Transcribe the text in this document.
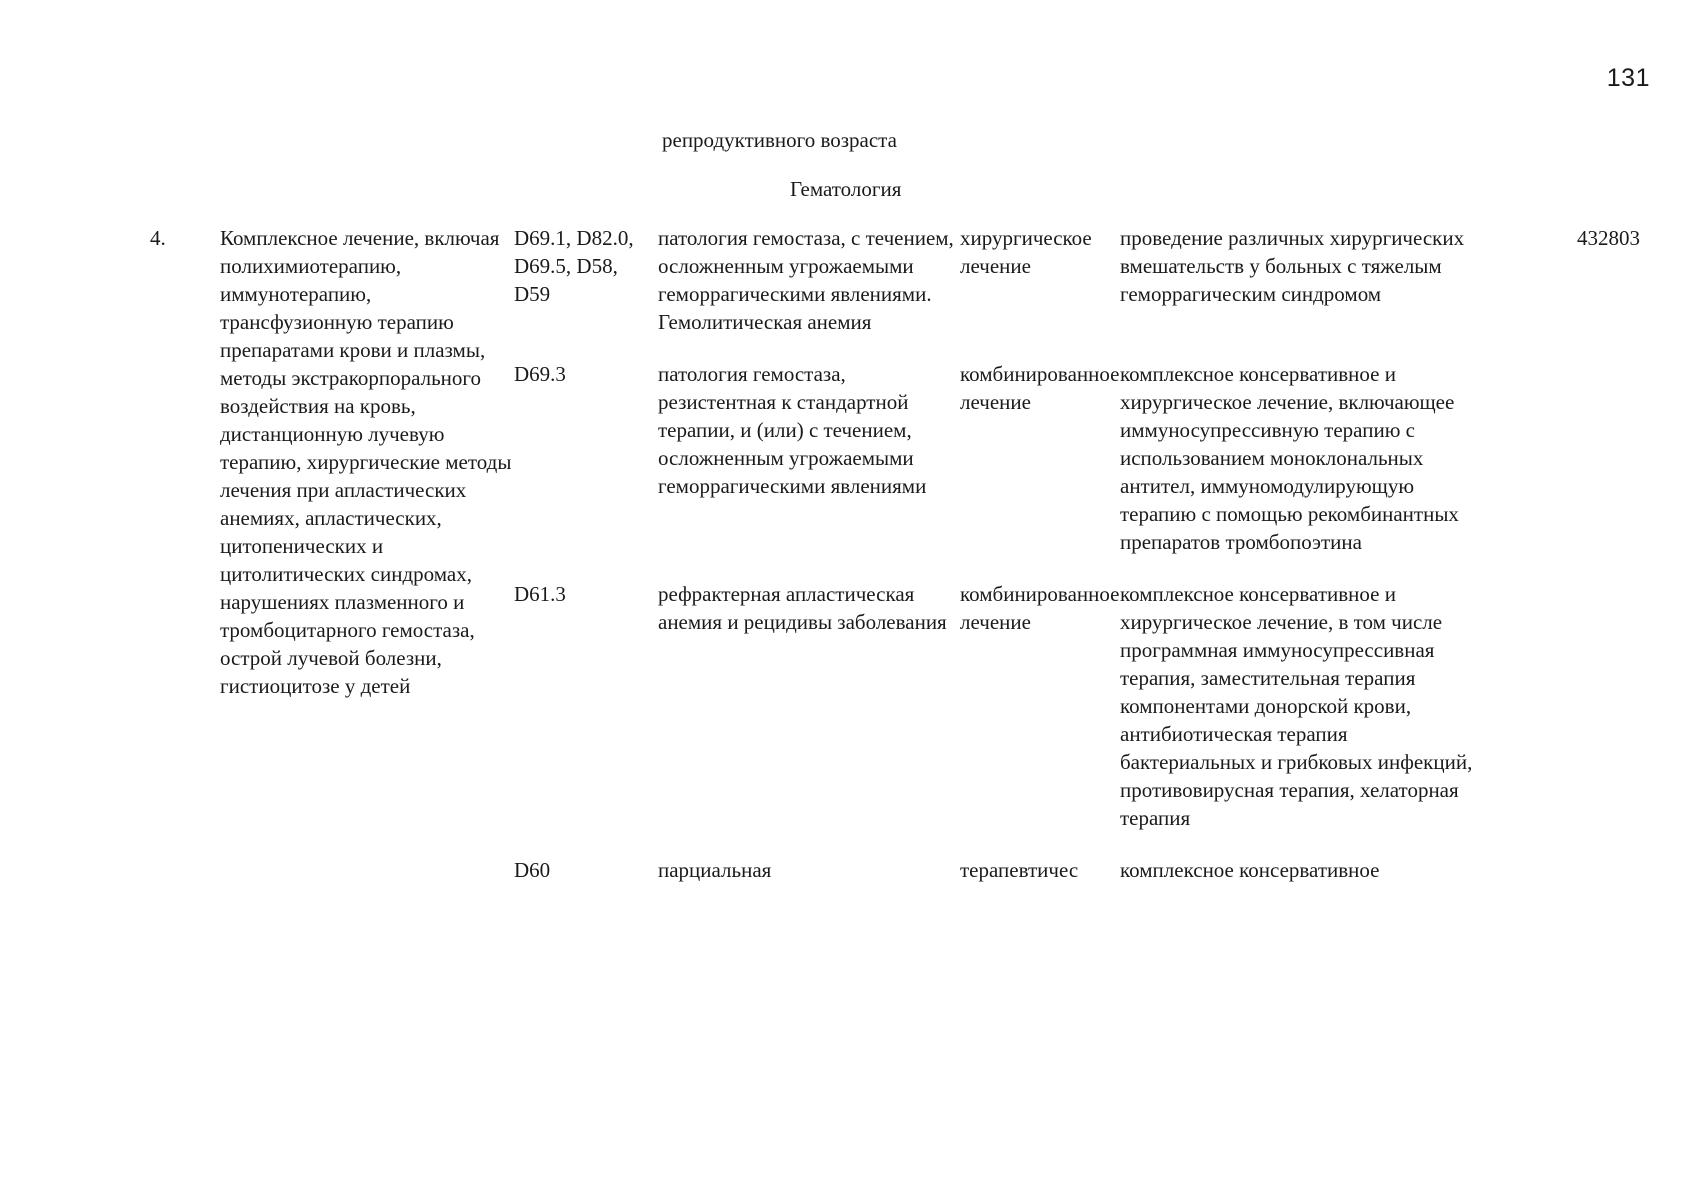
131
репродуктивного возраста
Гематология
4.	Комплексное лечение, включая полихимиотерапию, иммунотерапию, трансфузионную терапию препаратами крови и плазмы, методы экстракорпорального воздействия на кровь, дистанционную лучевую терапию, хирургические методы лечения при апластических анемиях, апластических, цитопенических и цитолитических синдромах, нарушениях плазменного и тромбоцитарного гемостаза, острой лучевой болезни, гистиоцитозе у детей	D69.1, D82.0, D69.5, D58, D59	патология гемостаза, с течением, осложненным угрожаемыми геморрагическими явлениями. Гемолитическая анемия	хирургическое лечение	проведение различных хирургических вмешательств у больных с тяжелым геморрагическим синдромом	432803
		D69.3	патология гемостаза, резистентная к стандартной терапии, и (или) с течением, осложненным угрожаемыми геморрагическими явлениями	комбинированное лечение	комплексное консервативное и хирургическое лечение, включающее иммуносупрессивную терапию с использованием моноклональных антител, иммуномодулирующую терапию с помощью рекомбинантных препаратов тромбопоэтина	
		D61.3	рефрактерная апластическая анемия и рецидивы заболевания	комбинированное лечение	комплексное консервативное и хирургическое лечение, в том числе программная иммуносупрессивная терапия, заместительная терапия компонентами донорской крови, антибиотическая терапия бактериальных и грибковых инфекций, противовирусная терапия, хелаторная терапия	
		D60	парциальная	терапевтичес	комплексное консервативное	
